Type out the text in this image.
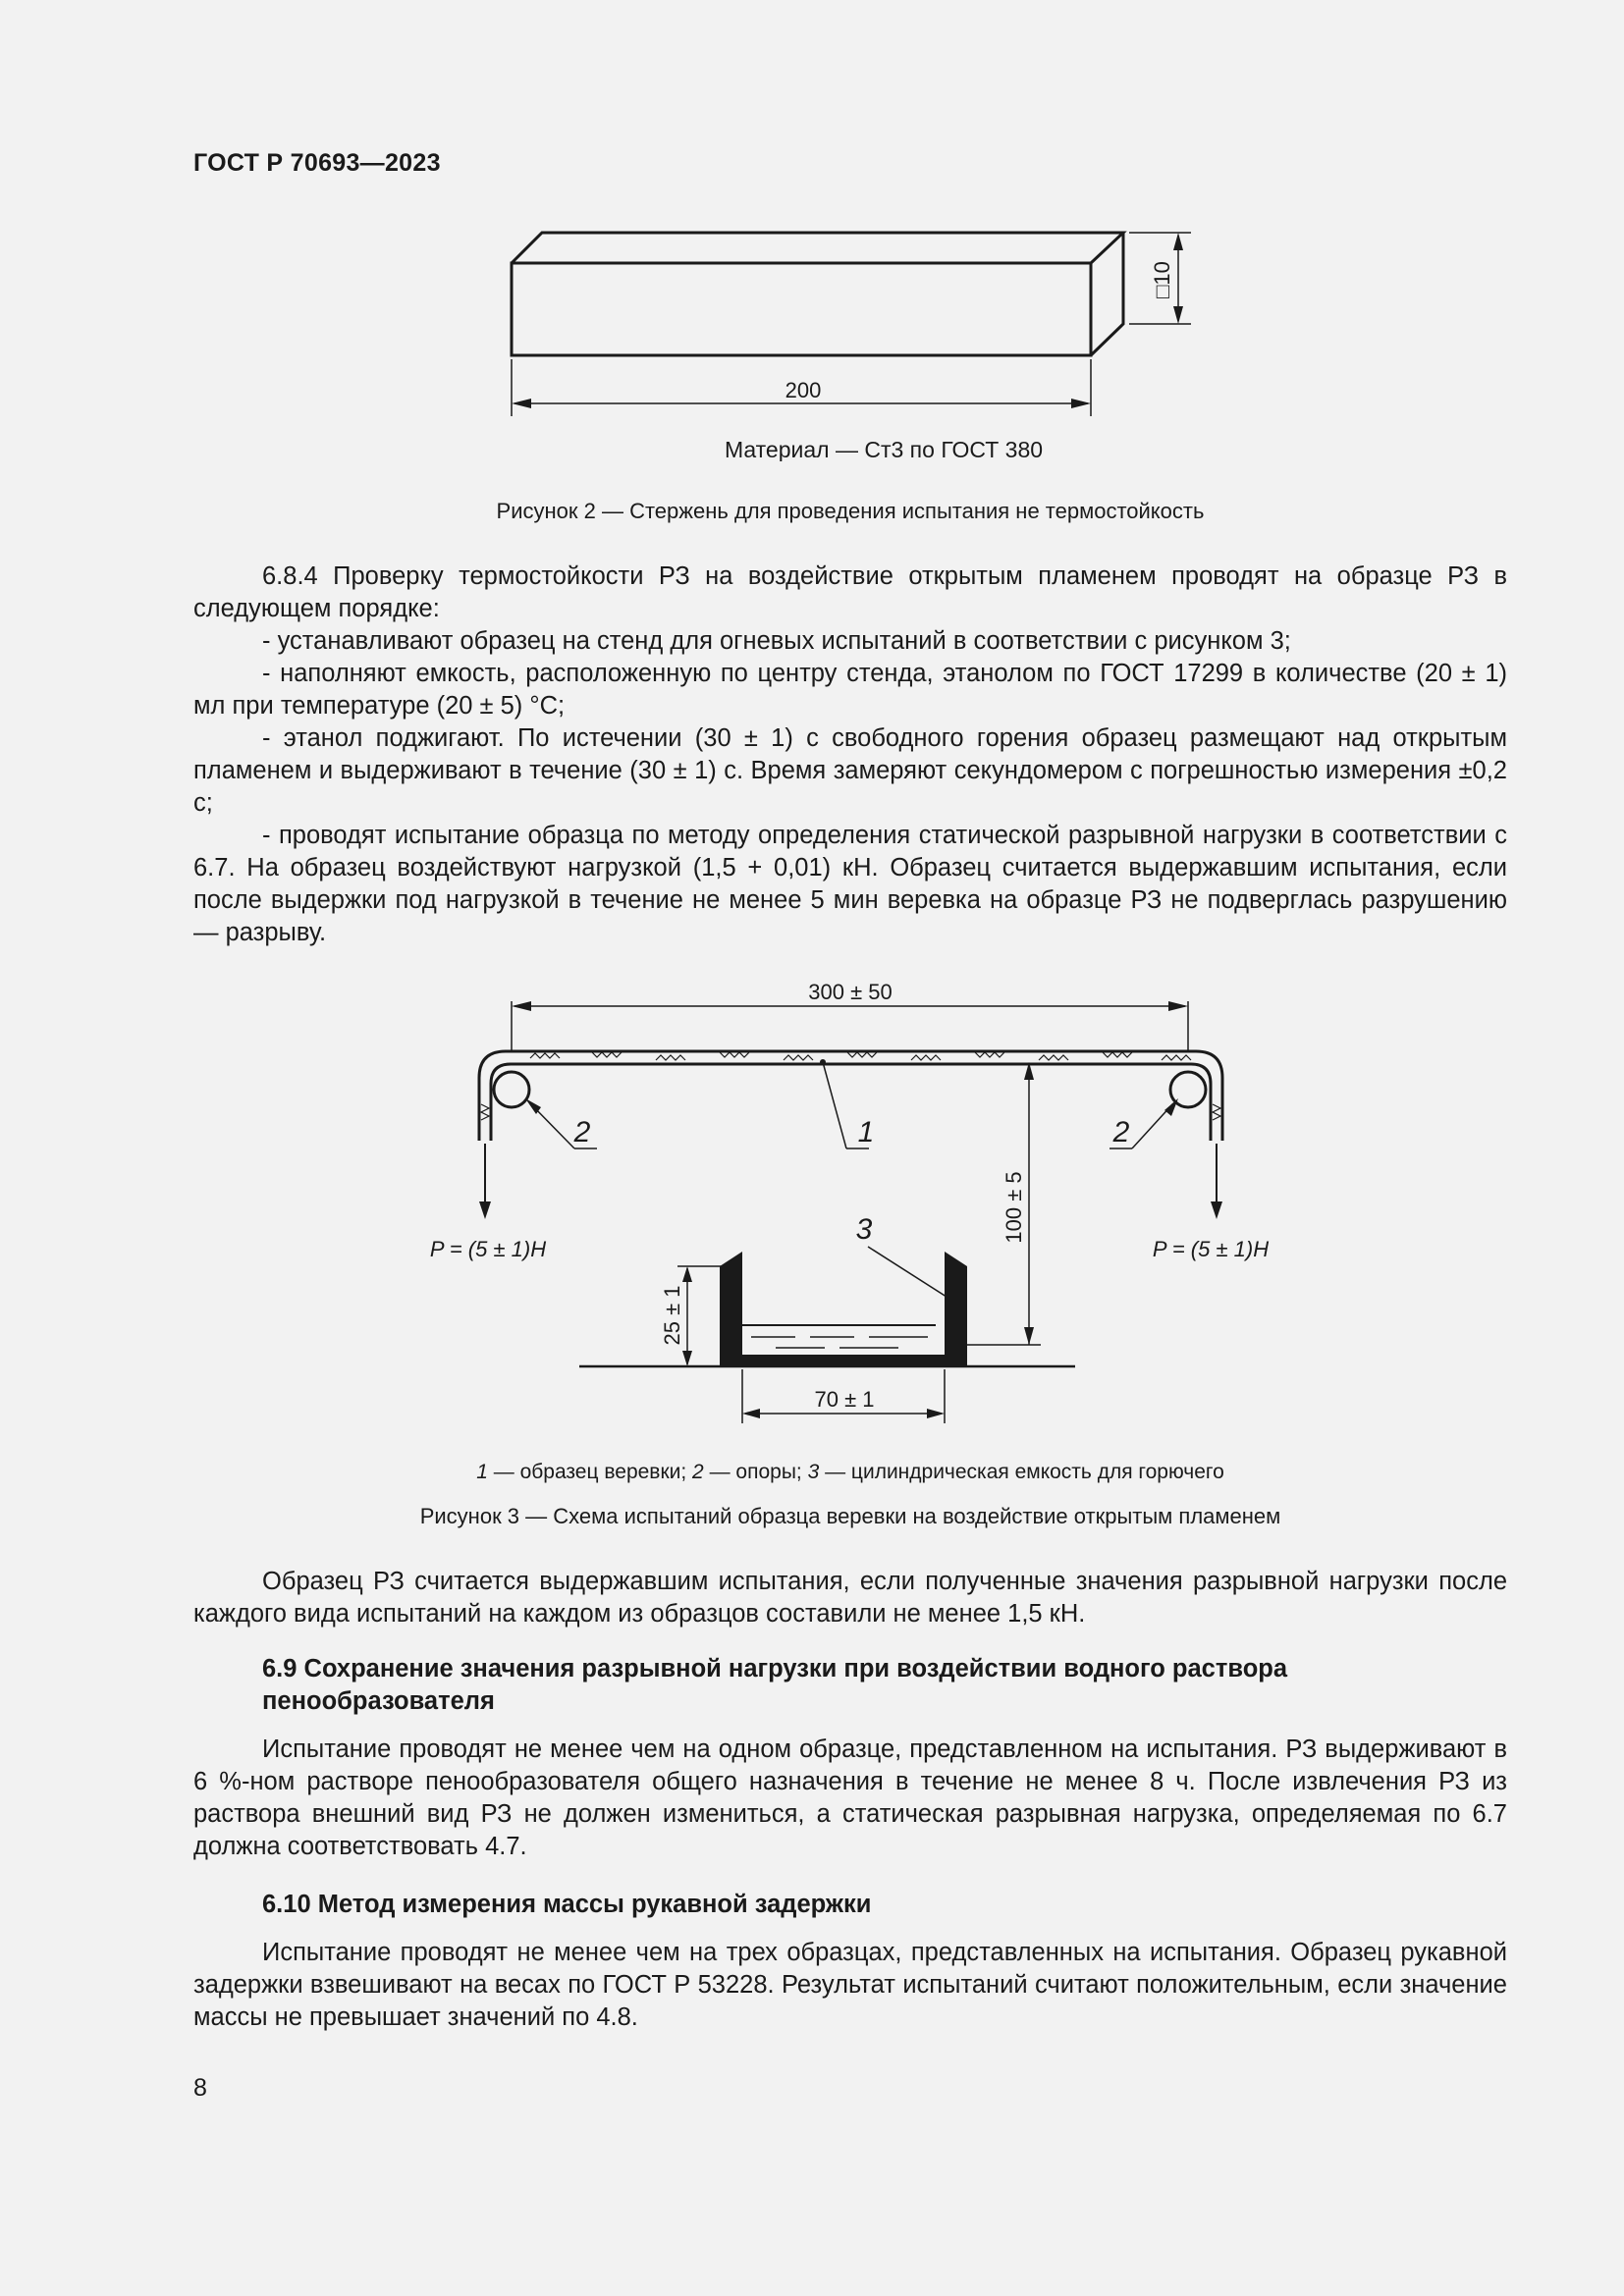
ГОСТ Р 70693—2023
200
□10
Материал — Ст3 по ГОСТ 380
Рисунок 2 — Стержень для проведения испытания не термостойкость

6.8.4 Проверку термостойкости РЗ на воздействие открытым пламенем проводят на образце РЗ в следующем порядке:

- устанавливают образец на стенд для огневых испытаний в соответствии с рисунком 3;

- наполняют емкость, расположенную по центру стенда, этанолом по ГОСТ 17299 в количестве (20 ± 1) мл при температуре (20 ± 5) °C;

- этанол поджигают. По истечении (30 ± 1) с свободного горения образец размещают над открытым пламенем и выдерживают в течение (30 ± 1) с. Время замеряют секундомером с погрешностью измерения ±0,2 с;

- проводят испытание образца по методу определения статической разрывной нагрузки в соответствии с 6.7. На образец воздействуют нагрузкой (1,5 + 0,01) кН. Образец считается выдержавшим испытания, если после выдержки под нагрузкой в течение не менее 5 мин веревка на образце РЗ не подверглась разрушению — разрыву.

300 ± 50
100 ± 5
25 ± 1
70 ± 1
P = (5 ± 1)H	P = (5 ± 1)H
1
2	2
3
1 — образец веревки; 2 — опоры; 3 — цилиндрическая емкость для горючего
Рисунок 3 — Схема испытаний образца веревки на воздействие открытым пламенем

Образец РЗ считается выдержавшим испытания, если полученные значения разрывной нагрузки после каждого вида испытаний на каждом из образцов составили не менее 1,5 кН.

6.9 Сохранение значения разрывной нагрузки при воздействии водного раствора пенообразователя

Испытание проводят не менее чем на одном образце, представленном на испытания. РЗ выдерживают в 6 %-ном растворе пенообразователя общего назначения в течение не менее 8 ч. После извлечения РЗ из раствора внешний вид РЗ не должен измениться, а статическая разрывная нагрузка, определяемая по 6.7 должна соответствовать 4.7.

6.10 Метод измерения массы рукавной задержки

Испытание проводят не менее чем на трех образцах, представленных на испытания. Образец рукавной задержки взвешивают на весах по ГОСТ Р 53228. Результат испытаний считают положительным, если значение массы не превышает значений по 4.8.

8
